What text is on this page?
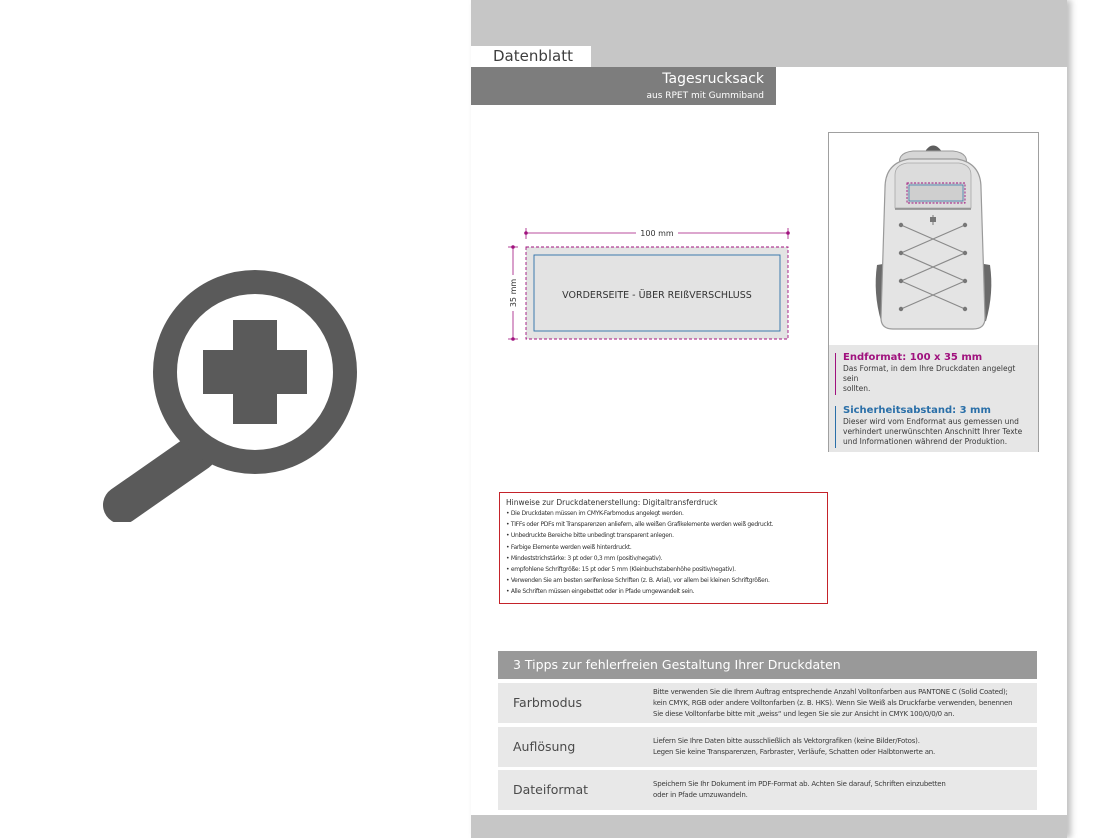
Datenblatt
Tagesrucksack
aus RPET mit Gummiband
100 mm
35 mm	VORDERSEITE - ÜBER REIßVERSCHLUSS
Endformat: 100 x 35 mm
Das Format, in dem Ihre Druckdaten angelegt sein
sollten.
Sicherheitsabstand: 3 mm
Dieser wird vom Endformat aus gemessen und
verhindert unerwünschten Anschnitt Ihrer Texte
und Informationen während der Produktion.
Hinweise zur Druckdatenerstellung: Digitaltransferdruck
• Die Druckdaten müssen im CMYK-Farbmodus angelegt werden.
• TIFFs oder PDFs mit Transparenzen anliefern, alle weißen Grafikelemente werden weiß gedruckt.
• Unbedruckte Bereiche bitte unbedingt transparent anlegen.
• Farbige Elemente werden weiß hinterdruckt.
• Mindeststrichstärke: 3 pt oder 0,3 mm (positiv/negativ).
• empfohlene Schriftgröße: 15 pt oder 5 mm (Kleinbuchstabenhöhe positiv/negativ).
• Verwenden Sie am besten serifenlose Schriften (z. B. Arial), vor allem bei kleinen Schriftgrößen.
• Alle Schriften müssen eingebettet oder in Pfade umgewandelt sein.
3 Tipps zur fehlerfreien Gestaltung Ihrer Druckdaten
Farbmodus
Bitte verwenden Sie die Ihrem Auftrag entsprechende Anzahl Volltonfarben aus PANTONE C (Solid Coated);
kein CMYK, RGB oder andere Volltonfarben (z. B. HKS). Wenn Sie Weiß als Druckfarbe verwenden, benennen
Sie diese Volltonfarbe bitte mit „weiss“ und legen Sie sie zur Ansicht in CMYK 100/0/0/0 an.
Auflösung	Liefern Sie Ihre Daten bitte ausschließlich als Vektorgrafiken (keine Bilder/Fotos).
Legen Sie keine Transparenzen, Farbraster, Verläufe, Schatten oder Halbtonwerte an.
Dateiformat	Speichern Sie Ihr Dokument im PDF-Format ab. Achten Sie darauf, Schriften einzubetten
oder in Pfade umzuwandeln.
